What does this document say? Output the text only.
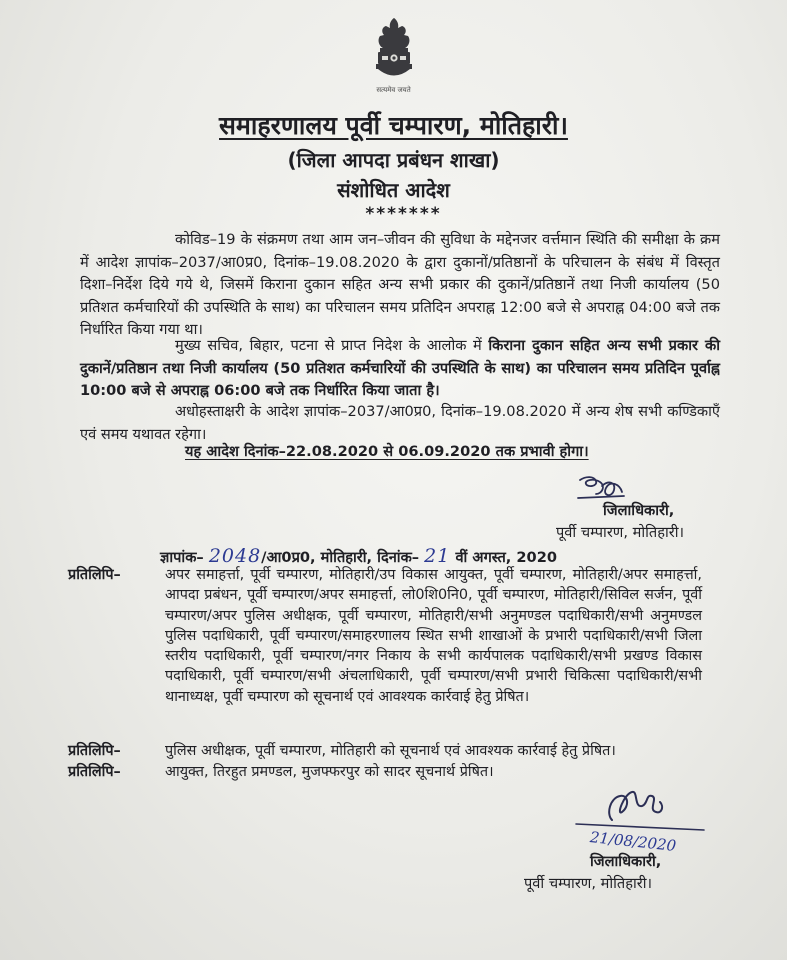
सत्यमेव जयते
समाहरणालय पूर्वी चम्पारण, मोतिहारी।
(जिला आपदा प्रबंधन शाखा)
संशोधित आदेश
*******
कोविड–19 के संक्रमण तथा आम जन–जीवन की सुविधा के मद्देनजर वर्त्तमान स्थिति की समीक्षा के क्रम में आदेश ज्ञापांक–2037/आ0प्र0, दिनांक–19.08.2020 के द्वारा दुकानों/प्रतिष्ठानों के परिचालन के संबंध में विस्तृत दिशा–निर्देश दिये गये थे, जिसमें किराना दुकान सहित अन्य सभी प्रकार की दुकानें/प्रतिष्ठानें तथा निजी कार्यालय (50 प्रतिशत कर्मचारियों की उपस्थिति के साथ) का परिचालन समय प्रतिदिन अपराह्न 12:00 बजे से अपराह्न 04:00 बजे तक निर्धारित किया गया था।
मुख्य सचिव, बिहार, पटना से प्राप्त निदेश के आलोक में किराना दुकान सहित अन्य सभी प्रकार की दुकानें/प्रतिष्ठान तथा निजी कार्यालय (50 प्रतिशत कर्मचारियों की उपस्थिति के साथ) का परिचालन समय प्रतिदिन पूर्वाह्न 10:00 बजे से अपराह्न 06:00 बजे तक निर्धारित किया जाता है।
अधोहस्ताक्षरी के आदेश ज्ञापांक–2037/आ0प्र0, दिनांक–19.08.2020 में अन्य शेष सभी कण्डिकाएँ एवं समय यथावत रहेगा।
यह आदेश दिनांक–22.08.2020 से 06.09.2020 तक प्रभावी होगा।
जिलाधिकारी,
पूर्वी चम्पारण, मोतिहारी।
ज्ञापांक– 2048/आ0प्र0, मोतिहारी, दिनांक– 21 वीं अगस्त, 2020
प्रतिलिपि–	अपर समाहर्त्ता, पूर्वी चम्पारण, मोतिहारी/उप विकास आयुक्त, पूर्वी चम्पारण, मोतिहारी/अपर समाहर्त्ता, आपदा प्रबंधन, पूर्वी चम्पारण/अपर समाहर्त्ता, लो0शि0नि0, पूर्वी चम्पारण, मोतिहारी/सिविल सर्जन, पूर्वी चम्पारण/अपर पुलिस अधीक्षक, पूर्वी चम्पारण, मोतिहारी/सभी अनुमण्डल पदाधिकारी/सभी अनुमण्डल पुलिस पदाधिकारी, पूर्वी चम्पारण/समाहरणालय स्थित सभी शाखाओं के प्रभारी पदाधिकारी/सभी जिला स्तरीय पदाधिकारी, पूर्वी चम्पारण/नगर निकाय के सभी कार्यपालक पदाधिकारी/सभी प्रखण्ड विकास पदाधिकारी, पूर्वी चम्पारण/सभी अंचलाधिकारी, पूर्वी चम्पारण/सभी प्रभारी चिकित्सा पदाधिकारी/सभी थानाध्यक्ष, पूर्वी चम्पारण को सूचनार्थ एवं आवश्यक कार्रवाई हेतु प्रेषित।
प्रतिलिपि–	पुलिस अधीक्षक, पूर्वी चम्पारण, मोतिहारी को सूचनार्थ एवं आवश्यक कार्रवाई हेतु प्रेषित।
प्रतिलिपि–	आयुक्त, तिरहुत प्रमण्डल, मुजफ्फरपुर को सादर सूचनार्थ प्रेषित।
21/08/2020
जिलाधिकारी,
पूर्वी चम्पारण, मोतिहारी।
